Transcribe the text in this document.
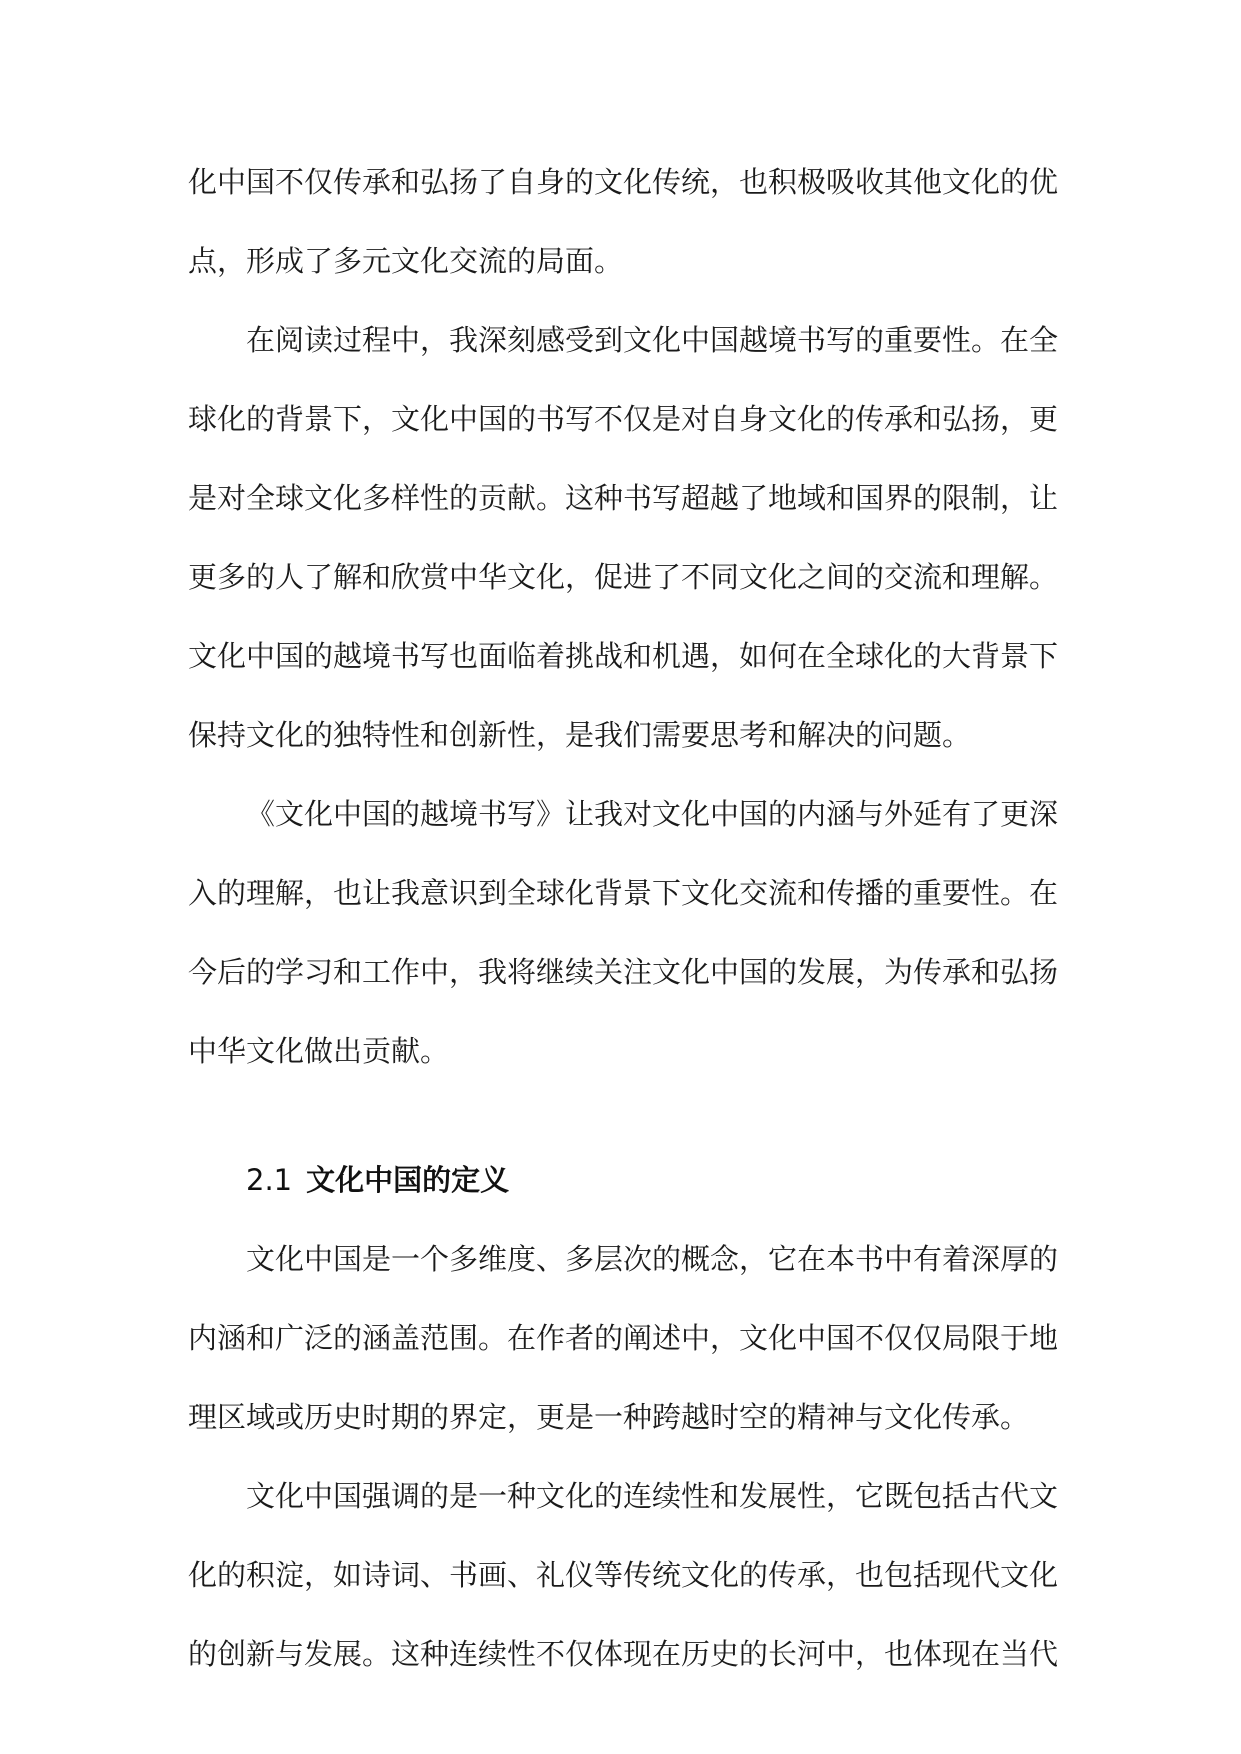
化中国不仅传承和弘扬了自身的文化传统，也积极吸收其他文化的优点，形成了多元文化交流的局面。

在阅读过程中，我深刻感受到文化中国越境书写的重要性。在全球化的背景下，文化中国的书写不仅是对自身文化的传承和弘扬，更是对全球文化多样性的贡献。这种书写超越了地域和国界的限制，让更多的人了解和欣赏中华文化，促进了不同文化之间的交流和理解。文化中国的越境书写也面临着挑战和机遇，如何在全球化的大背景下保持文化的独特性和创新性，是我们需要思考和解决的问题。

《文化中国的越境书写》让我对文化中国的内涵与外延有了更深入的理解，也让我意识到全球化背景下文化交流和传播的重要性。在今后的学习和工作中，我将继续关注文化中国的发展，为传承和弘扬中华文化做出贡献。

2.1 文化中国的定义

文化中国是一个多维度、多层次的概念，它在本书中有着深厚的内涵和广泛的涵盖范围。在作者的阐述中，文化中国不仅仅局限于地理区域或历史时期的界定，更是一种跨越时空的精神与文化传承。

文化中国强调的是一种文化的连续性和发展性，它既包括古代文化的积淀，如诗词、书画、礼仪等传统文化的传承，也包括现代文化的创新与发展。这种连续性不仅体现在历史的长河中，也体现在当代
